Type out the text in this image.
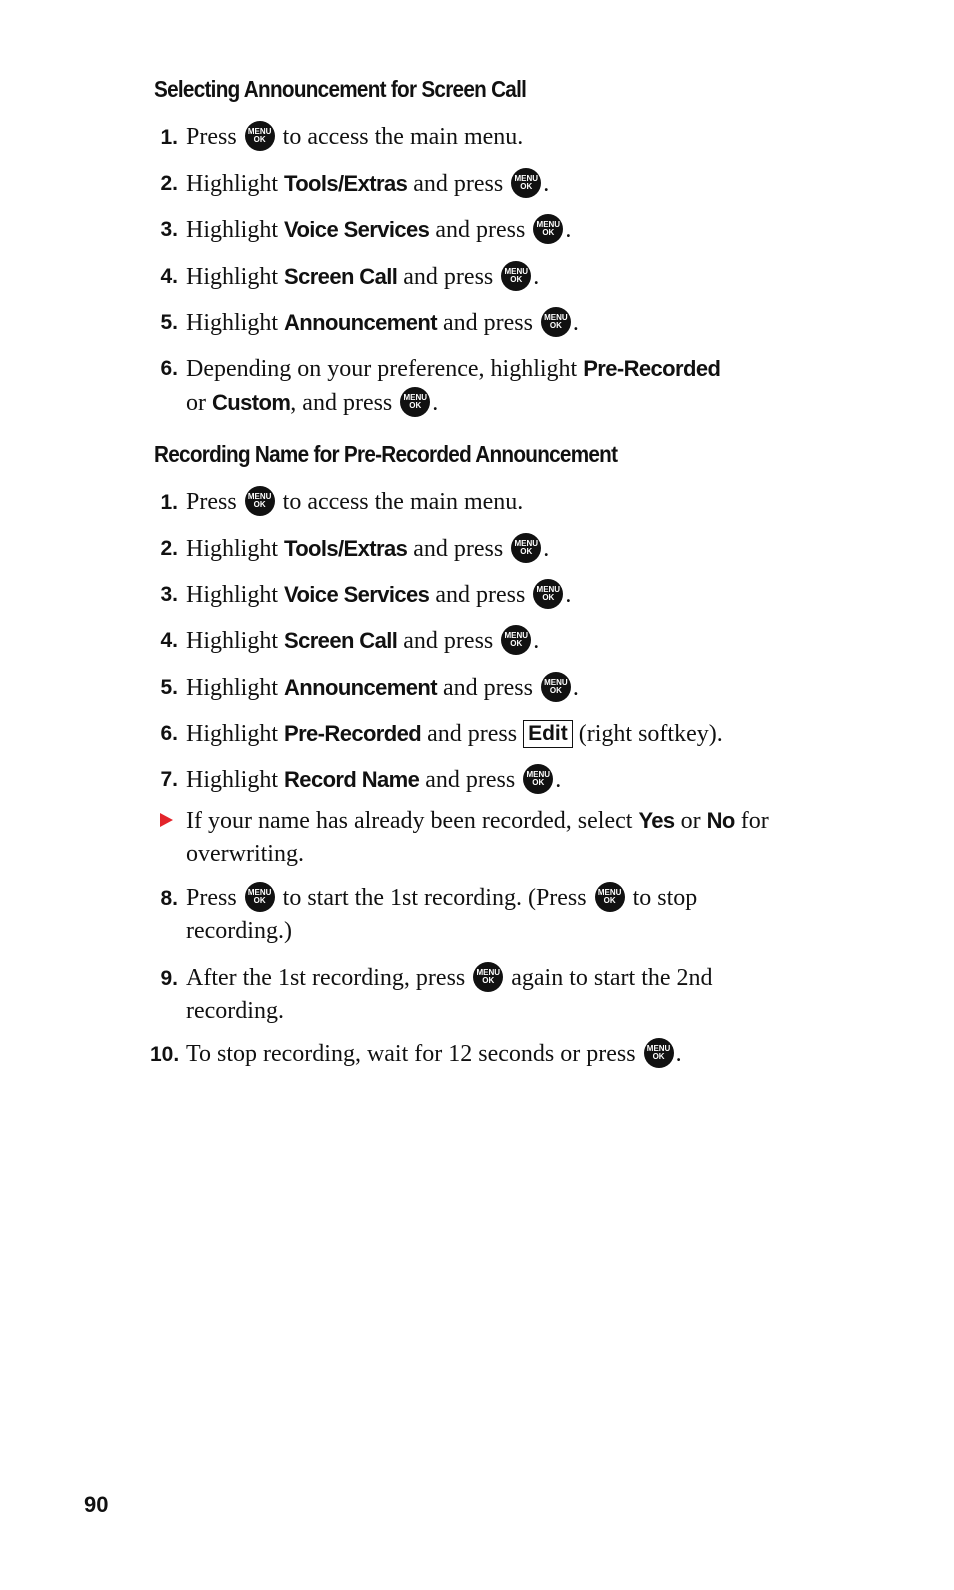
Selecting Announcement for Screen Call
1. Press MENU
OK to access the main menu.
2. Highlight Tools/Extras and press MENU
OK .
3. Highlight Voice Services and press MENU
OK .
4. Highlight Screen Call and press MENU
OK .
5. Highlight Announcement and press MENU
OK .
6. Depending on your preference, highlight Pre-Recorded
or Custom, and press MENU
OK .
Recording Name for Pre-Recorded Announcement
1. Press MENU
OK to access the main menu.
2. Highlight Tools/Extras and press MENU
OK .
3. Highlight Voice Services and press MENU
OK .
4. Highlight Screen Call and press MENU
OK .
5. Highlight Announcement and press MENU
OK .
6. Highlight Pre-Recorded and press Edit (right softkey).
7. Highlight Record Name and press MENU
OK .
If your name has already been recorded, select Yes or No for
overwriting.
8. Press MENU
OK to start the 1st recording. (Press MENU
OK to stop
recording.)
9. After the 1st recording, press MENU
OK again to start the 2nd
recording.
10. To stop recording, wait for 12 seconds or press MENU
OK .
90
